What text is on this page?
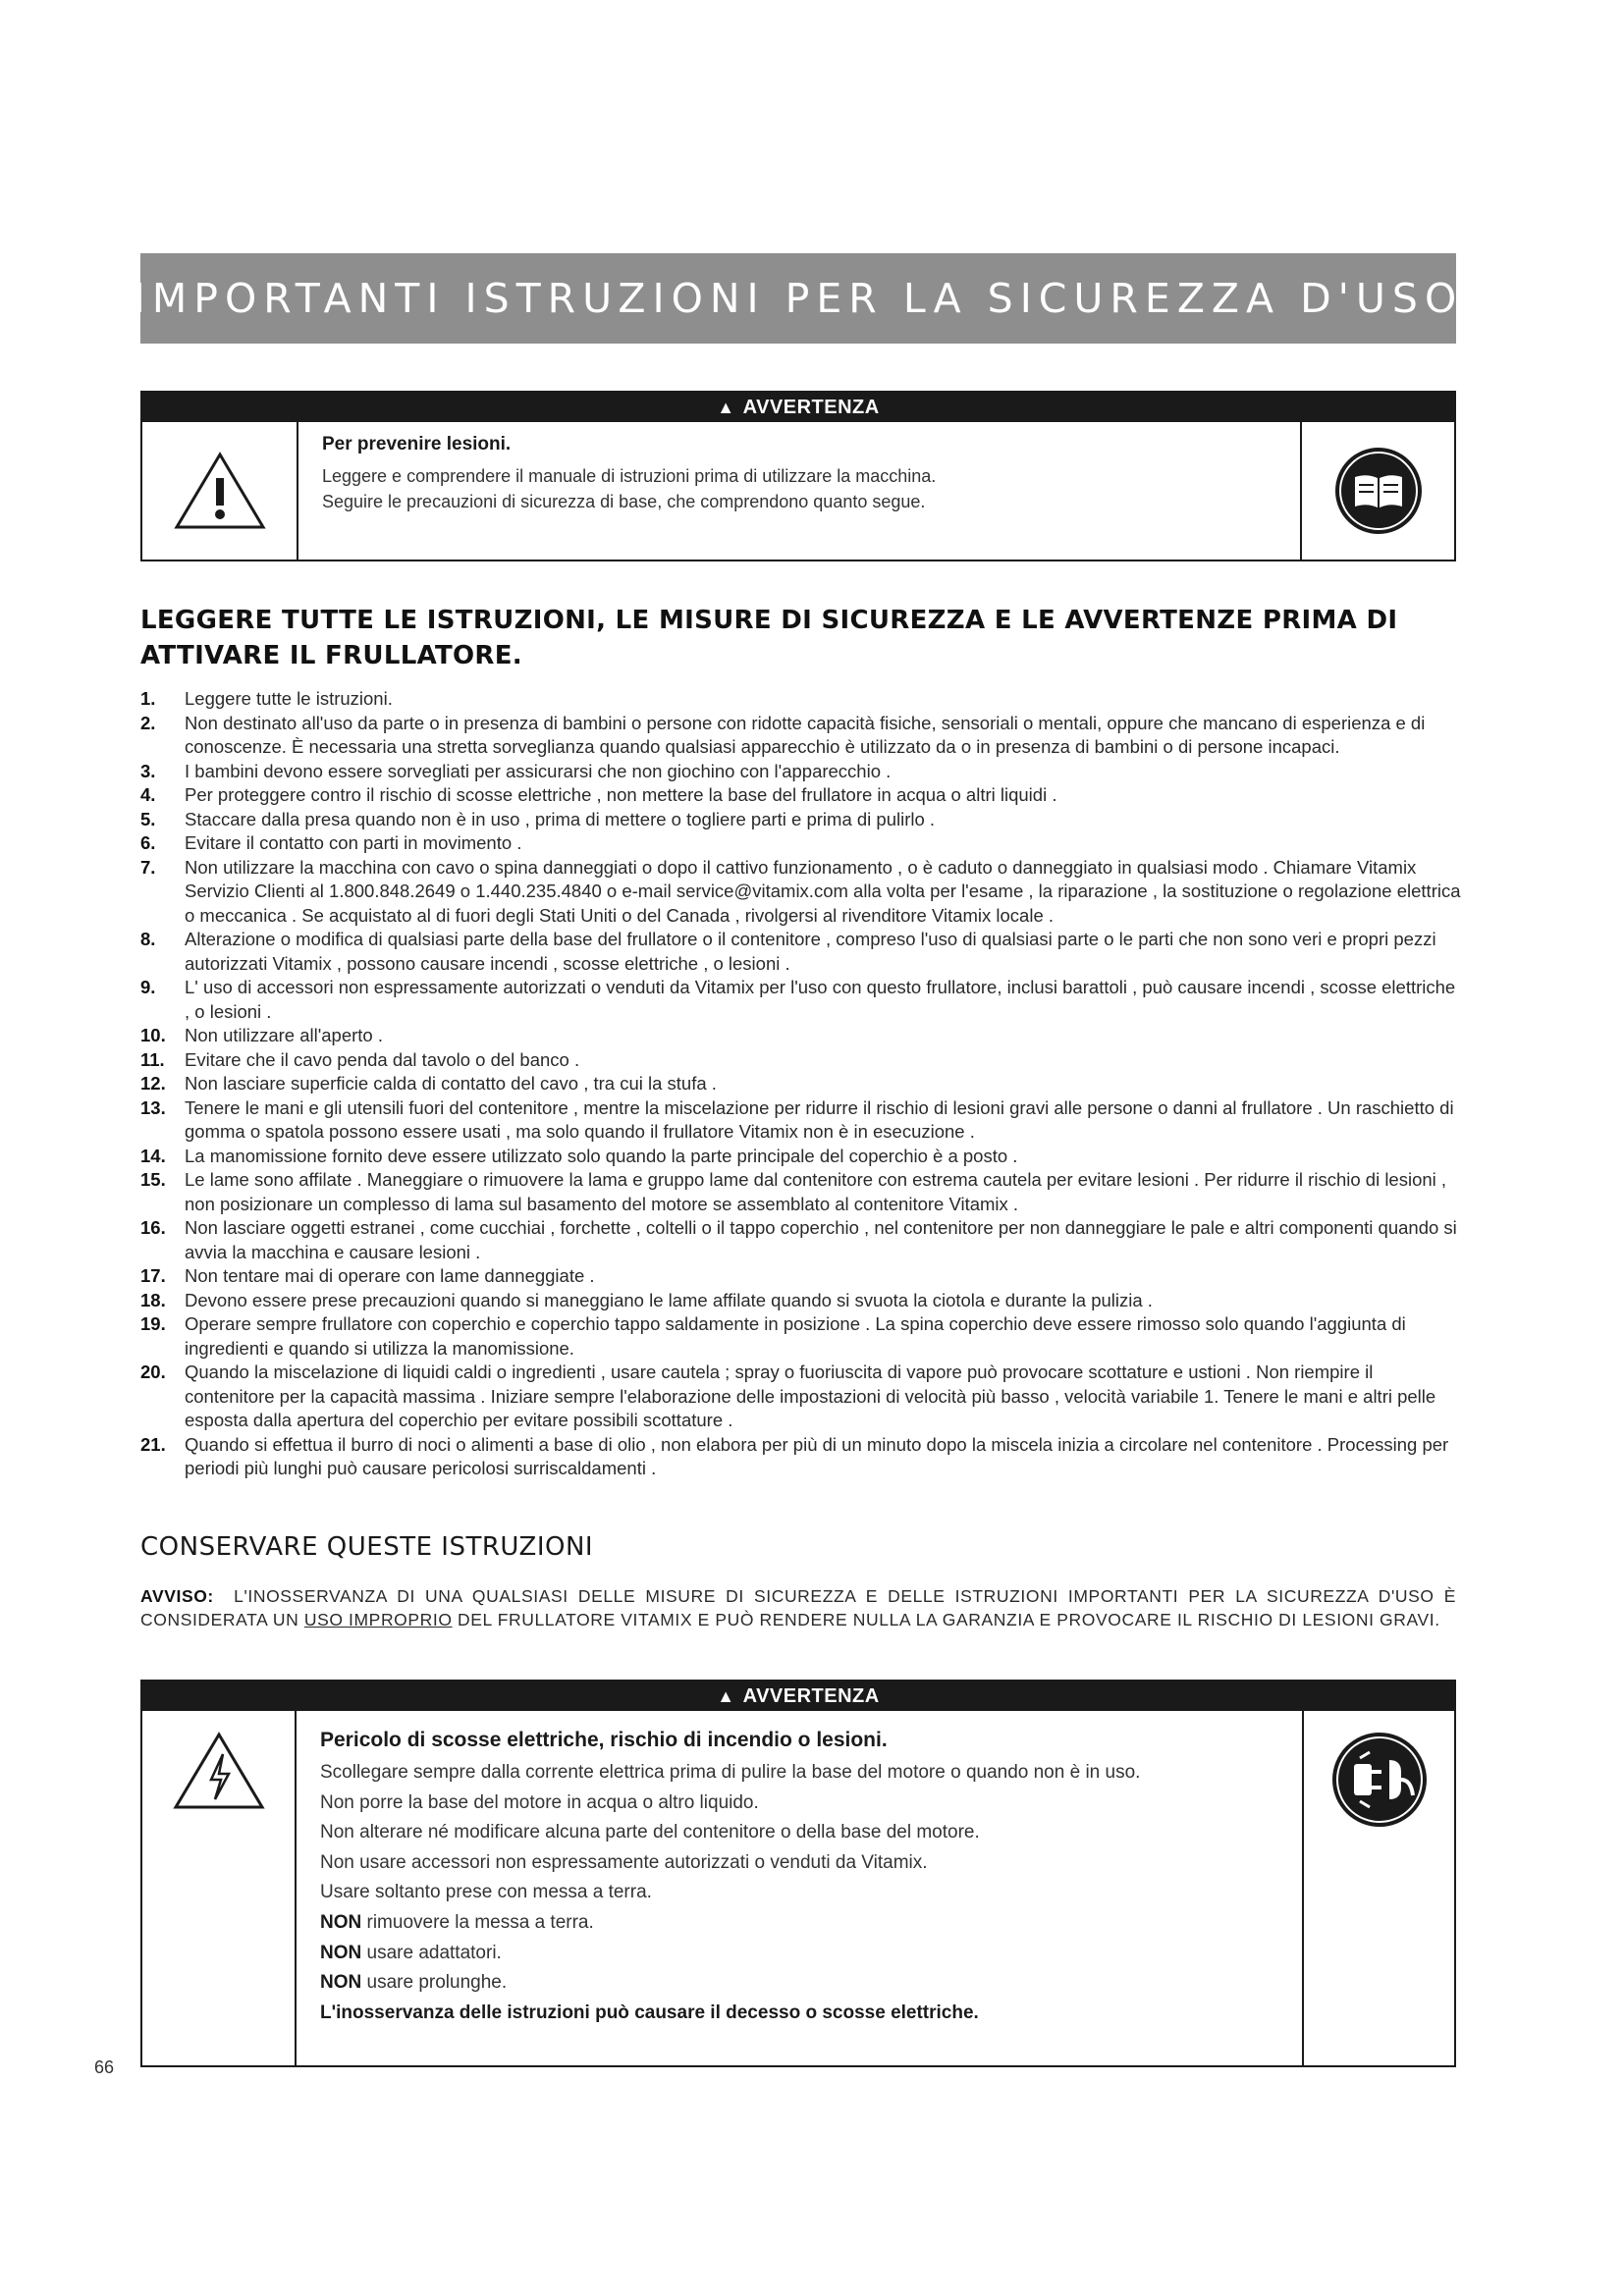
IMPORTANTI ISTRUZIONI PER LA SICUREZZA D'USO
▲ AVVERTENZA
Per prevenire lesioni.
Leggere e comprendere il manuale di istruzioni prima di utilizzare la macchina.
Seguire le precauzioni di sicurezza di base, che comprendono quanto segue.
LEGGERE TUTTE LE ISTRUZIONI, LE MISURE DI SICUREZZA E LE AVVERTENZE PRIMA DI ATTIVARE IL FRULLATORE.
1.	Leggere tutte le istruzioni.
2.	Non destinato all'uso da parte o in presenza di bambini o persone con ridotte capacità fisiche, sensoriali o mentali, oppure che mancano di esperienza e di conoscenze. È necessaria una stretta sorveglianza quando qualsiasi apparecchio è utilizzato da o in presenza di bambini o di persone incapaci.
3.	I bambini devono essere sorvegliati per assicurarsi che non giochino con l'apparecchio .
4.	Per proteggere contro il rischio di scosse elettriche , non mettere la base del frullatore in acqua o altri liquidi .
5.	Staccare dalla presa quando non è in uso , prima di mettere o togliere parti e prima di pulirlo .
6.	Evitare il contatto con parti in movimento .
7.	Non utilizzare la macchina con cavo o spina danneggiati o dopo il cattivo funzionamento , o è caduto o danneggiato in qualsiasi modo . Chiamare Vitamix Servizio Clienti al 1.800.848.2649 o 1.440.235.4840 o e-mail service@vitamix.com alla volta per l'esame , la riparazione , la sostituzione o regolazione elettrica o meccanica . Se acquistato al di fuori degli Stati Uniti o del Canada , rivolgersi al rivenditore Vitamix locale .
8.	Alterazione o modifica di qualsiasi parte della base del frullatore o il contenitore , compreso l'uso di qualsiasi parte o le parti che non sono veri e propri pezzi autorizzati Vitamix , possono causare incendi , scosse elettriche , o lesioni .
9.	L' uso di accessori non espressamente autorizzati o venduti da Vitamix per l'uso con questo frullatore, inclusi barattoli , può causare incendi , scosse elettriche , o lesioni .
10.	Non utilizzare all'aperto .
11.	Evitare che il cavo penda dal tavolo o del banco .
12.	Non lasciare superficie calda di contatto del cavo , tra cui la stufa .
13.	Tenere le mani e gli utensili fuori del contenitore , mentre la miscelazione per ridurre il rischio di lesioni gravi alle persone o danni al frullatore . Un raschietto di gomma o spatola possono essere usati , ma solo quando il frullatore Vitamix non è in esecuzione .
14.	La manomissione fornito deve essere utilizzato solo quando la parte principale del coperchio è a posto .
15.	Le lame sono affilate . Maneggiare o rimuovere la lama e gruppo lame dal contenitore con estrema cautela per evitare lesioni . Per ridurre il rischio di lesioni , non posizionare un complesso di lama sul basamento del motore se assemblato al contenitore Vitamix .
16.	Non lasciare oggetti estranei , come cucchiai , forchette , coltelli o il tappo coperchio , nel contenitore per non danneggiare le pale e altri componenti quando si avvia la macchina e causare lesioni .
17.	Non tentare mai di operare con lame danneggiate .
18.	Devono essere prese precauzioni quando si maneggiano le lame affilate quando si svuota la ciotola e durante la pulizia .
19.	Operare sempre frullatore con coperchio e coperchio tappo saldamente in posizione . La spina coperchio deve essere rimosso solo quando l'aggiunta di ingredienti e quando si utilizza la manomissione.
20.	Quando la miscelazione di liquidi caldi o ingredienti , usare cautela ; spray o fuoriuscita di vapore può provocare scottature e ustioni . Non riempire il contenitore per la capacità massima . Iniziare sempre l'elaborazione delle impostazioni di velocità più basso , velocità variabile 1. Tenere le mani e altri pelle esposta dalla apertura del coperchio per evitare possibili scottature .
21.	Quando si effettua il burro di noci o alimenti a base di olio , non elabora per più di un minuto dopo la miscela inizia a circolare nel contenitore . Processing per periodi più lunghi può causare pericolosi surriscaldamenti .
CONSERVARE QUESTE ISTRUZIONI
AVVISO: L'INOSSERVANZA DI UNA QUALSIASI DELLE MISURE DI SICUREZZA E DELLE ISTRUZIONI IMPORTANTI PER LA SICUREZZA D'USO È CONSIDERATA UN USO IMPROPRIO DEL FRULLATORE VITAMIX E PUÒ RENDERE NULLA LA GARANZIA E PROVOCARE IL RISCHIO DI LESIONI GRAVI.
▲ AVVERTENZA
Pericolo di scosse elettriche, rischio di incendio o lesioni.
Scollegare sempre dalla corrente elettrica prima di pulire la base del motore o quando non è in uso.
Non porre la base del motore in acqua o altro liquido.
Non alterare né modificare alcuna parte del contenitore o della base del motore.
Non usare accessori non espressamente autorizzati o venduti da Vitamix.
Usare soltanto prese con messa a terra.
NON rimuovere la messa a terra.
NON usare adattatori.
NON usare prolunghe.
L'inosservanza delle istruzioni può causare il decesso o scosse elettriche.
66
